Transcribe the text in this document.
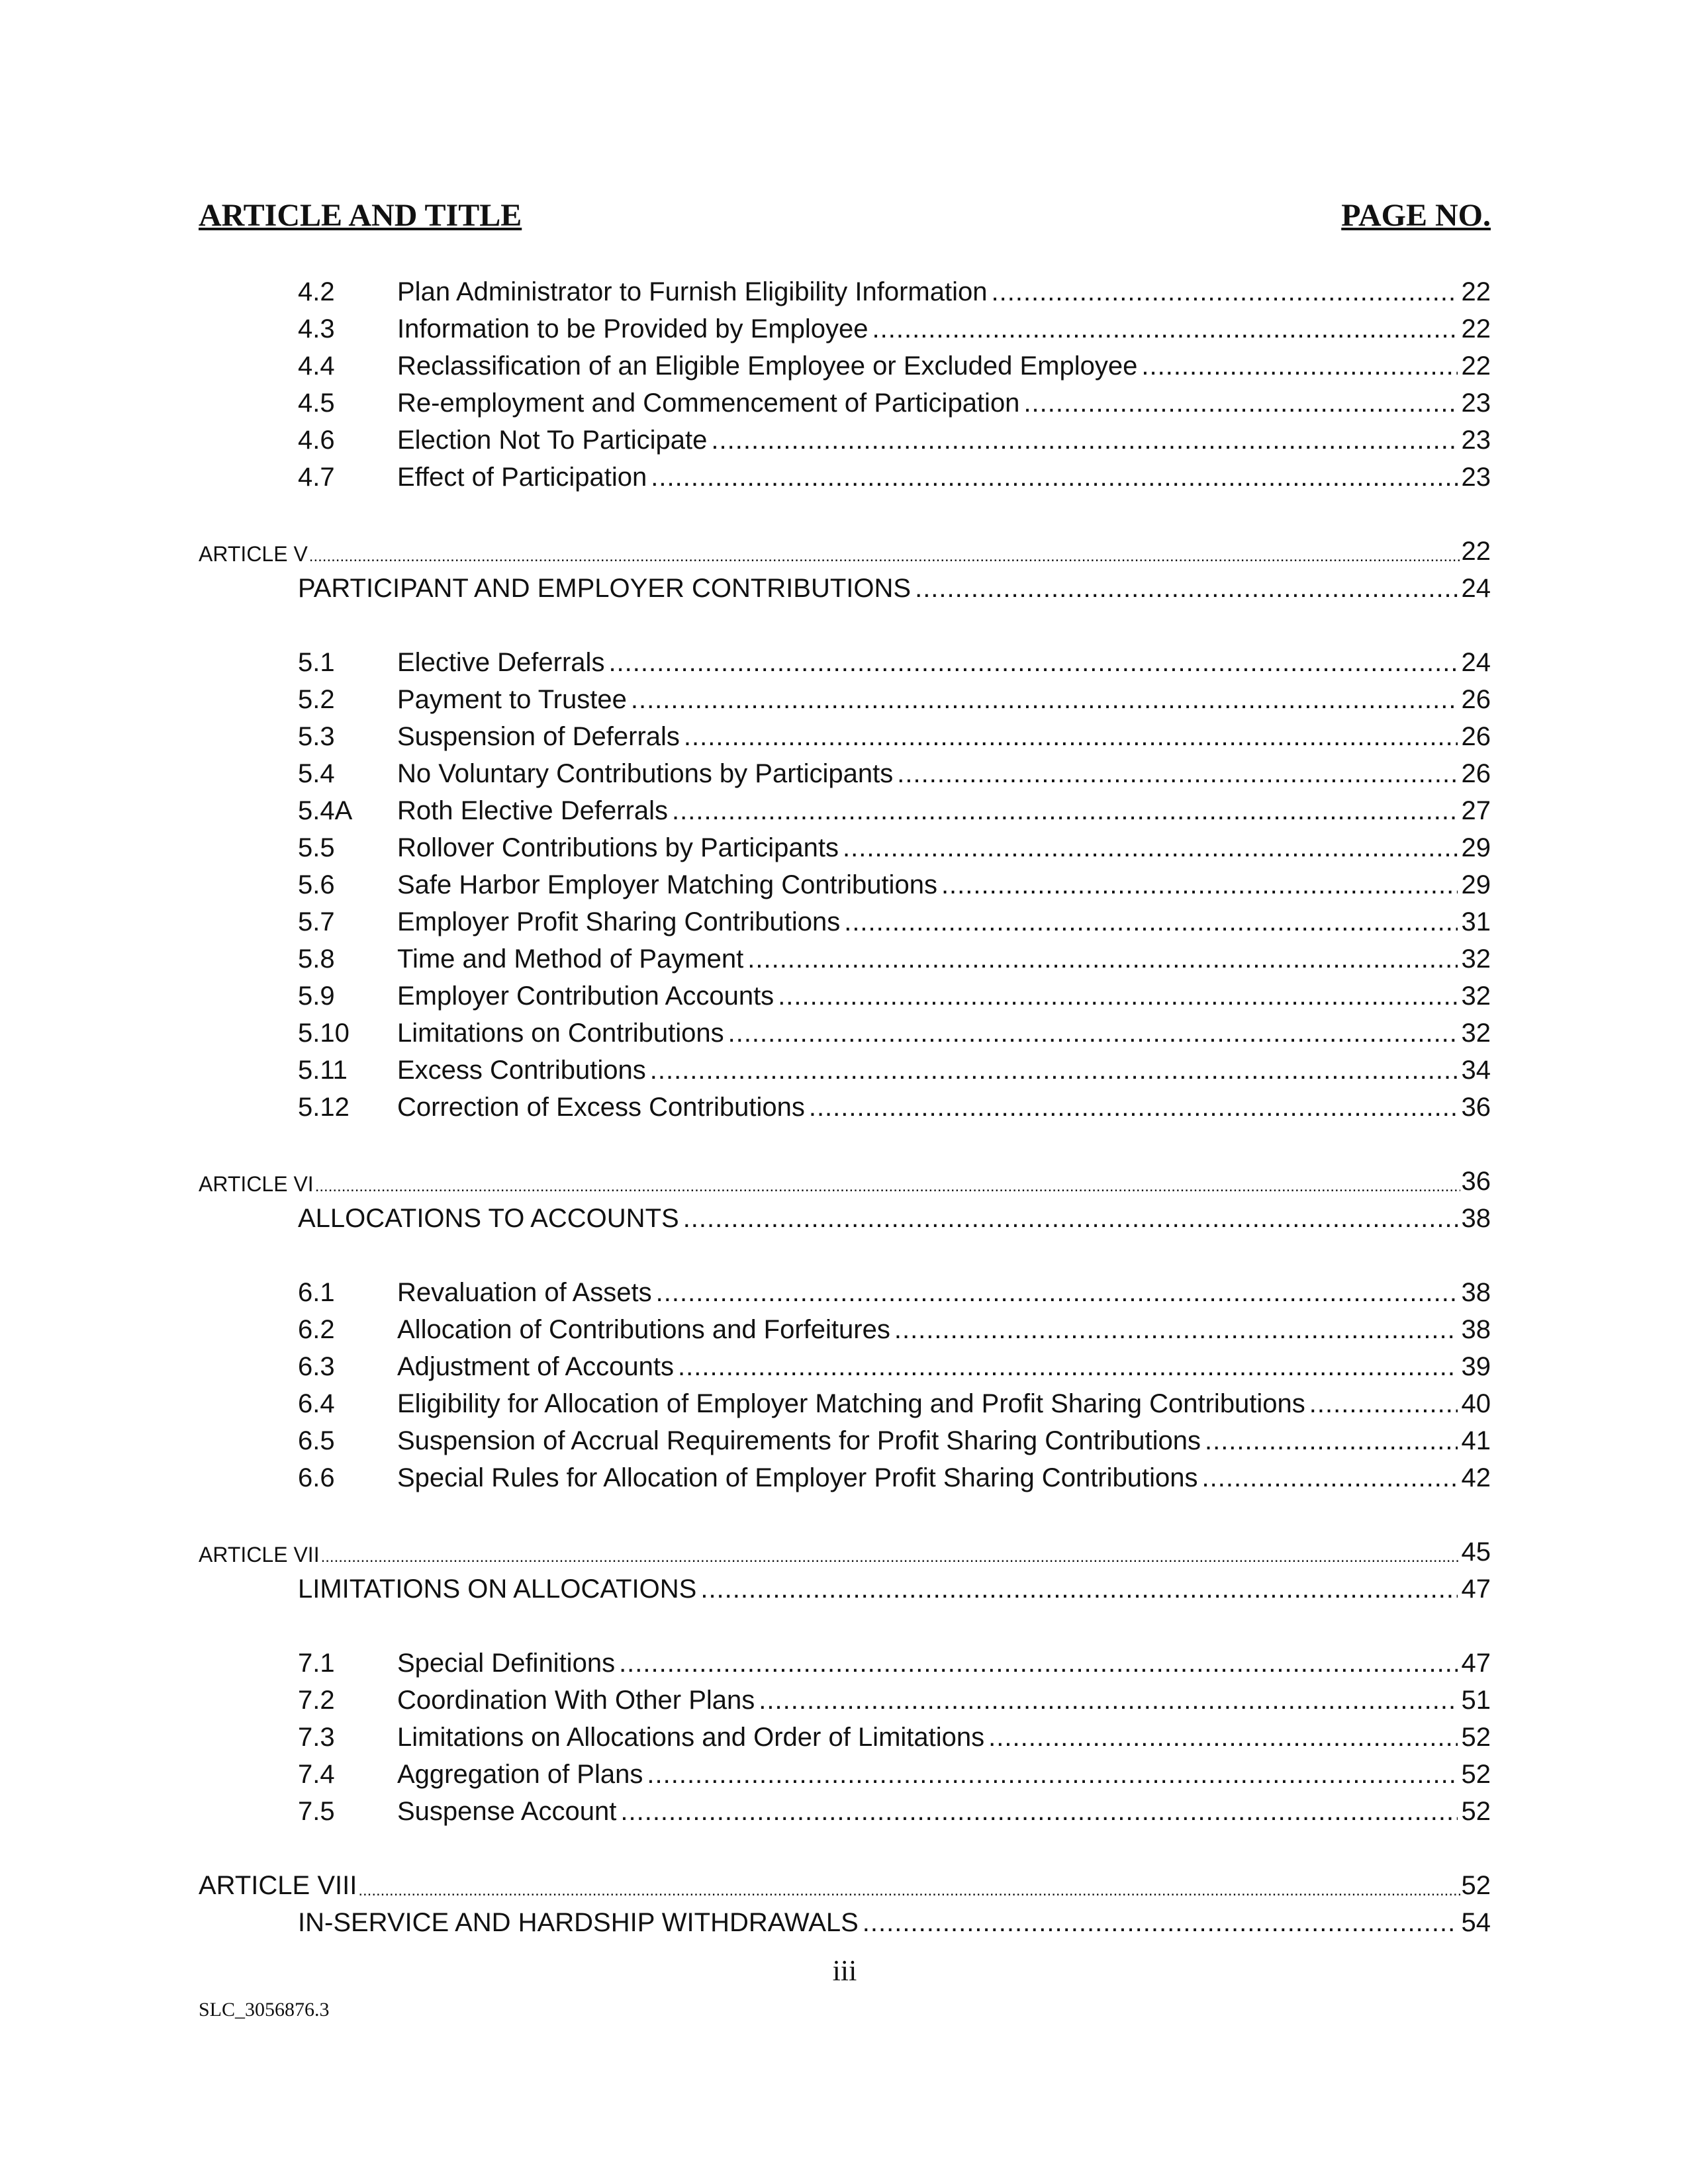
ARTICLE AND TITLE	PAGE NO.
4.2	Plan Administrator to Furnish Eligibility Information .....	22
4.3	Information to be Provided by Employee .....	22
4.4	Reclassification of an Eligible Employee or Excluded Employee .....	22
4.5	Re-employment and Commencement of Participation .....	23
4.6	Election Not To Participate .....	23
4.7	Effect of Participation .....	23
ARTICLE V .....	22
PARTICIPANT AND EMPLOYER CONTRIBUTIONS .....	24
5.1	Elective Deferrals .....	24
5.2	Payment to Trustee .....	26
5.3	Suspension of Deferrals .....	26
5.4	No Voluntary Contributions by Participants .....	26
5.4A	Roth Elective Deferrals .....	27
5.5	Rollover Contributions by Participants .....	29
5.6	Safe Harbor Employer Matching Contributions .....	29
5.7	Employer Profit Sharing Contributions .....	31
5.8	Time and Method of Payment .....	32
5.9	Employer Contribution Accounts .....	32
5.10	Limitations on Contributions .....	32
5.11	Excess Contributions .....	34
5.12	Correction of Excess Contributions .....	36
ARTICLE VI .....	36
ALLOCATIONS TO ACCOUNTS .....	38
6.1	Revaluation of Assets .....	38
6.2	Allocation of Contributions and Forfeitures .....	38
6.3	Adjustment of Accounts .....	39
6.4	Eligibility for Allocation of Employer Matching and Profit Sharing Contributions .....	40
6.5	Suspension of Accrual Requirements for Profit Sharing Contributions .....	41
6.6	Special Rules for Allocation of Employer Profit Sharing Contributions .....	42
ARTICLE VII .....	45
LIMITATIONS ON ALLOCATIONS .....	47
7.1	Special Definitions .....	47
7.2	Coordination With Other Plans .....	51
7.3	Limitations on Allocations and Order of Limitations .....	52
7.4	Aggregation of Plans .....	52
7.5	Suspense Account .....	52
ARTICLE VIII .....	52
IN-SERVICE AND HARDSHIP WITHDRAWALS .....	54
iii
SLC_3056876.3
